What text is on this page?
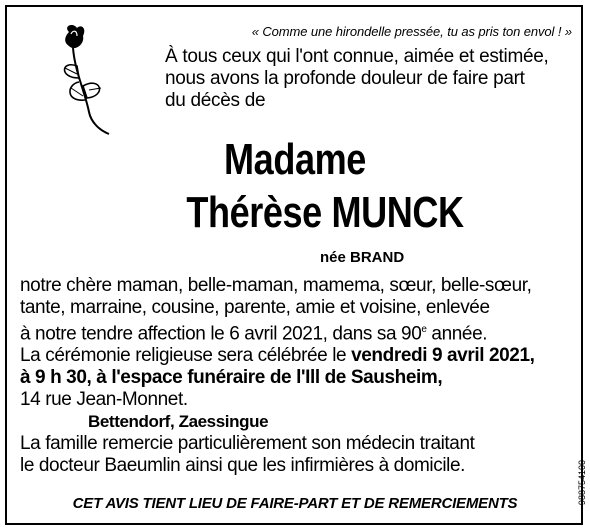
« Comme une hirondelle pressée, tu as pris ton envol ! »
À tous ceux qui l'ont connue, aimée et estimée,
nous avons la profonde douleur de faire part
du décès de
Madame
Thérèse MUNCK
née BRAND
notre chère maman, belle-maman, mamema, sœur, belle-sœur,
tante, marraine, cousine, parente, amie et voisine, enlevée
à notre tendre affection le 6 avril 2021, dans sa 90e année.
La cérémonie religieuse sera célébrée le vendredi 9 avril 2021,
à 9 h 30, à l'espace funéraire de l'Ill de Sausheim,
14 rue Jean-Monnet.
Bettendorf, Zaessingue
La famille remercie particulièrement son médecin traitant
le docteur Baeumlin ainsi que les infirmières à domicile.
CET AVIS TIENT LIEU DE FAIRE-PART ET DE REMERCIEMENTS	988754100
